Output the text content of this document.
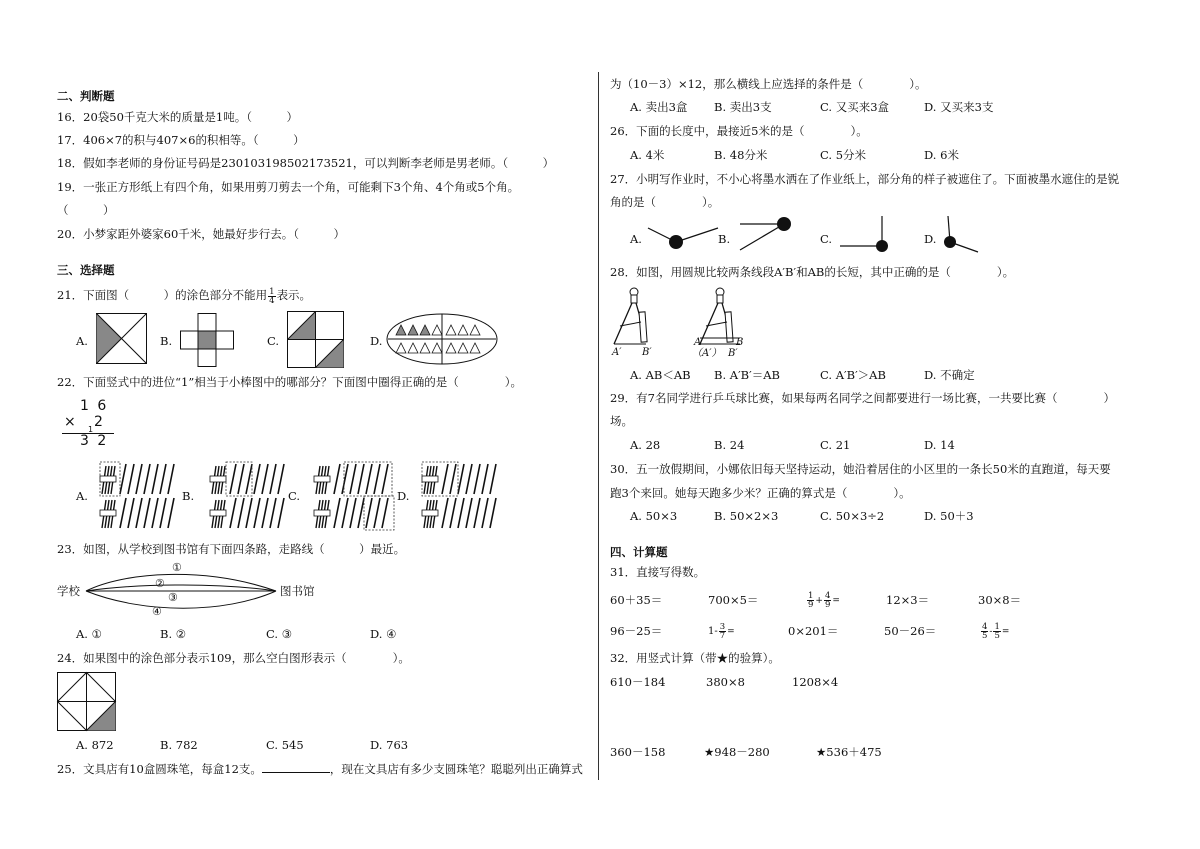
二、判断题
16．20袋50千克大米的质量是1吨。（　　　）
17．406×7的积与407×6的积相等。（　　　）
18．假如李老师的身份证号码是230103198502173521，可以判断李老师是男老师。（　　　）
19．一张正方形纸上有四个角，如果用剪刀剪去一个角，可能剩下3个角、4个角或5个角。
（　　　）
20．小梦家距外婆家60千米，她最好步行去。（　　　）
三、选择题
21．下面图（　　　）的涂色部分不能用 $\frac{1}{4}$ 表示。
A.	B.	C.	D.
22．下面竖式中的进位“1”相当于小棒图中的哪部分？下面图中圈得正确的是（　　　　）。
1 6
× 1 2
3 2
A.	B.	C.	D.
23．如图，从学校到图书馆有下面四条路，走路线（　　　）最近。
学校	图书馆
①
②
③
④
A. ①	B. ②	C. ③	D. ④
24．如果图中的涂色部分表示109，那么空白图形表示（　　　　）。
A. 872	B. 782	C. 545	D. 763
25．文具店有10盒圆珠笔，每盒12支。	，现在文具店有多少支圆珠笔？聪聪列出正确算式
为（10－3）×12，那么横线上应选择的条件是（　　　　）。
A. 卖出3盒 B. 卖出3支	C. 又买来3盒	D. 又买来3支
26．下面的长度中，最接近5米的是（　　　　）。
A. 4米	B. 48分米	C. 5分米	D. 6米
27．小明写作业时，不小心将墨水洒在了作业纸上，部分角的样子被遮住了。下面被墨水遮住的是锐
角的是（　　　　）。
A.	B.	C.	D.
28．如图，用圆规比较两条线段A′B′和AB的长短，其中正确的是（　　　　）。
A′ B′
A	B
（A′） B′
A. AB＜AB B. A′B′＝AB	C. A′B′＞AB	D. 不确定
29．有7名同学进行乒乓球比赛，如果每两名同学之间都要进行一场比赛，一共要比赛（　　　　）
场。
A. 28	B. 24	C. 21	D. 14
30．五一放假期间，小娜依旧每天坚持运动，她沿着居住的小区里的一条长50米的直跑道，每天要
跑3个来回。她每天跑多少米？正确的算式是（　　　　）。
A. 50×3	B. 50×2×3	C. 50×3÷2	D. 50＋3
四、计算题
31．直接写得数。
60＋35＝	700×5＝	$\frac{1}{9} + \frac{4}{9}$ =	12×3＝	30×8＝
96－25＝	$1- \frac{3}{7}$ =	0×201＝	50－26＝	$\frac{4}{5} - \frac{1}{5}$ =
32．用竖式计算（带★的验算）。
610－184	380×8	1208×4
360－158	★948－280	★536＋475
